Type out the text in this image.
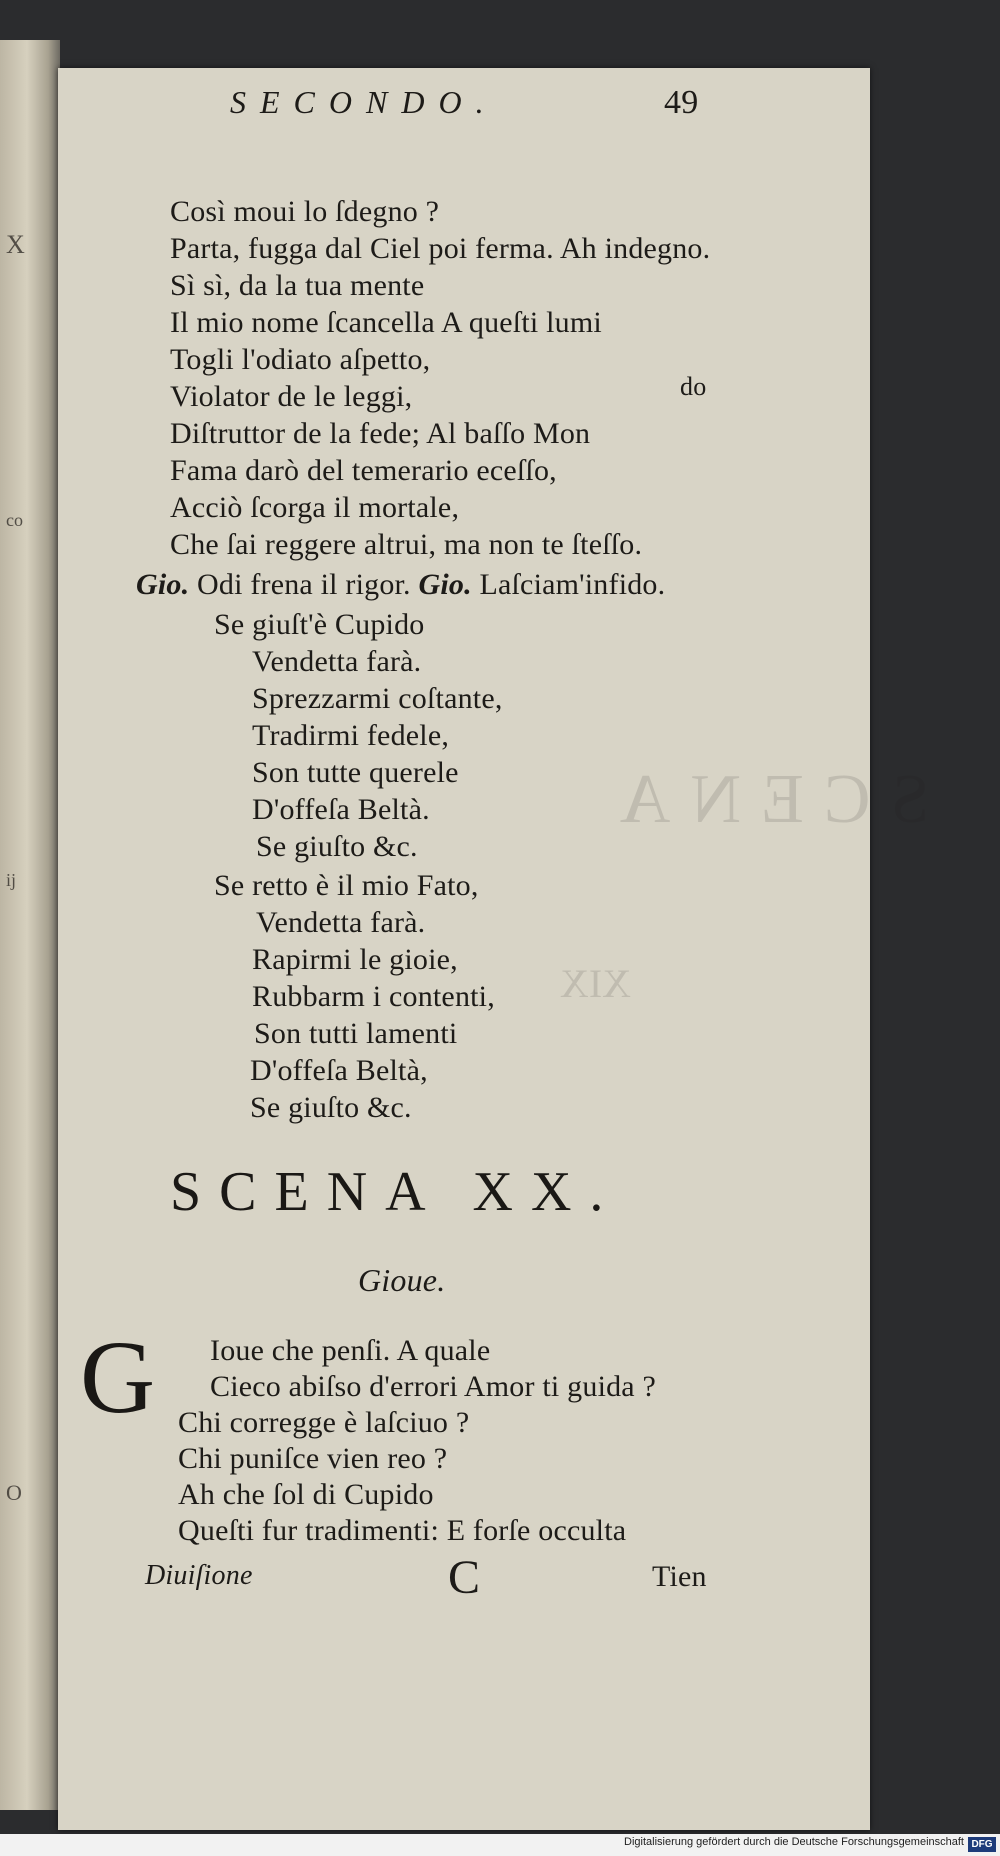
X
co
ij
O
SCENA
XIX
SECONDO.	49
Così moui lo ſdegno ?
Parta, fugga dal Ciel poi ferma. Ah indegno.
Sì sì, da la tua mente
Il mio nome ſcancella A queſti lumi
Togli l'odiato aſpetto,
Violator de le leggi,	do
Diſtruttor de la fede; Al baſſo Mon
Fama darò del temerario eceſſo,
Acciò ſcorga il mortale,
Che ſai reggere altrui, ma non te ſteſſo.
Gio. Odi frena il rigor. Gio. Laſciam'infido.
Se giuſt'è Cupido
Vendetta farà.
Sprezzarmi coſtante,
Tradirmi fedele,
Son tutte querele
D'offeſa Beltà.
Se giuſto &c.
Se retto è il mio Fato,
Vendetta farà.
Rapirmi le gioie,
Rubbarm i contenti,
Son tutti lamenti
D'offeſa Beltà,
Se giuſto &c.
SCENA XX.
Gioue.
G Ioue che penſi. A quale
Cieco abiſso d'errori Amor ti guida ?
Chi corregge è laſciuo ?
Chi puniſce vien reo ?
Ah che ſol di Cupido
Queſti fur tradimenti: E forſe occulta
Diuiſione	C	Tien
Digitalisierung gefördert durch die Deutsche Forschungsgemeinschaft DFG
